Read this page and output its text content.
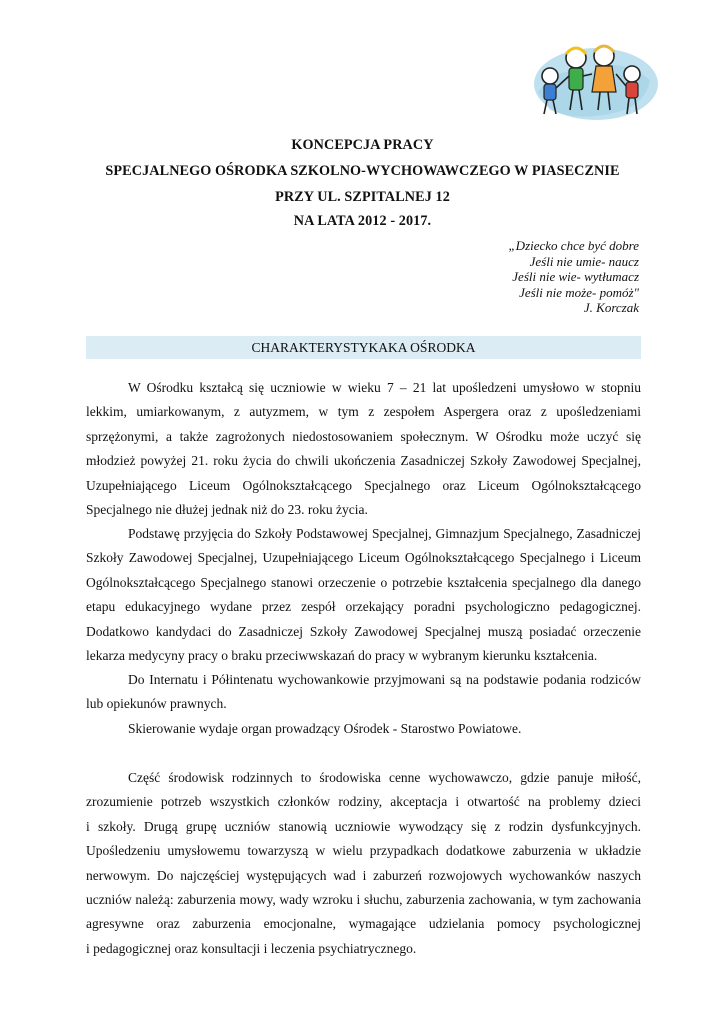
KONCEPCJA PRACY
SPECJALNEGO OŚRODKA SZKOLNO-WYCHOWAWCZEGO W PIASECZNIE
PRZY UL. SZPITALNEJ 12
NA LATA 2012 - 2017.
„Dziecko chce być dobre
Jeśli nie umie- naucz
Jeśli nie wie- wytłumacz
Jeśli nie może- pomóż"
J. Korczak
CHARAKTERYSTYKAKA OŚRODKA
W Ośrodku kształcą się uczniowie w wieku 7 – 21 lat upośledzeni umysłowo w stopniu
lekkim, umiarkowanym, z autyzmem, w tym z zespołem Aspergera oraz z upośledzeniami
sprzężonymi, a także zagrożonych niedostosowaniem społecznym. W Ośrodku może uczyć się
młodzież powyżej 21. roku życia do chwili ukończenia Zasadniczej Szkoły Zawodowej Specjalnej,
Uzupełniającego Liceum Ogólnokształcącego Specjalnego oraz Liceum Ogólnokształcącego
Specjalnego nie dłużej jednak niż do 23. roku życia.
Podstawę przyjęcia do Szkoły Podstawowej Specjalnej, Gimnazjum Specjalnego, Zasadniczej
Szkoły Zawodowej Specjalnej, Uzupełniającego Liceum Ogólnokształcącego Specjalnego i Liceum
Ogólnokształcącego Specjalnego stanowi orzeczenie o potrzebie kształcenia specjalnego dla danego
etapu edukacyjnego wydane przez zespół orzekający poradni psychologiczno pedagogicznej.
Dodatkowo kandydaci do Zasadniczej Szkoły Zawodowej Specjalnej muszą posiadać orzeczenie
lekarza medycyny pracy o braku przeciwwskazań do pracy w wybranym kierunku kształcenia.
Do Internatu i Półintenatu wychowankowie przyjmowani są na podstawie podania rodziców
lub opiekunów prawnych.
Skierowanie wydaje organ prowadzący Ośrodek - Starostwo Powiatowe.
Część środowisk rodzinnych to środowiska cenne wychowawczo, gdzie panuje miłość,
zrozumienie potrzeb wszystkich członków rodziny, akceptacja i otwartość na problemy dzieci
i szkoły. Drugą grupę uczniów stanowią uczniowie wywodzący się z rodzin dysfunkcyjnych.
Upośledzeniu umysłowemu towarzyszą w wielu przypadkach dodatkowe zaburzenia w układzie
nerwowym. Do najczęściej występujących wad i zaburzeń rozwojowych wychowanków naszych
uczniów należą: zaburzenia mowy, wady wzroku i słuchu, zaburzenia zachowania, w tym zachowania
agresywne oraz zaburzenia emocjonalne, wymagające udzielania pomocy psychologicznej
i pedagogicznej oraz konsultacji i leczenia psychiatrycznego.
